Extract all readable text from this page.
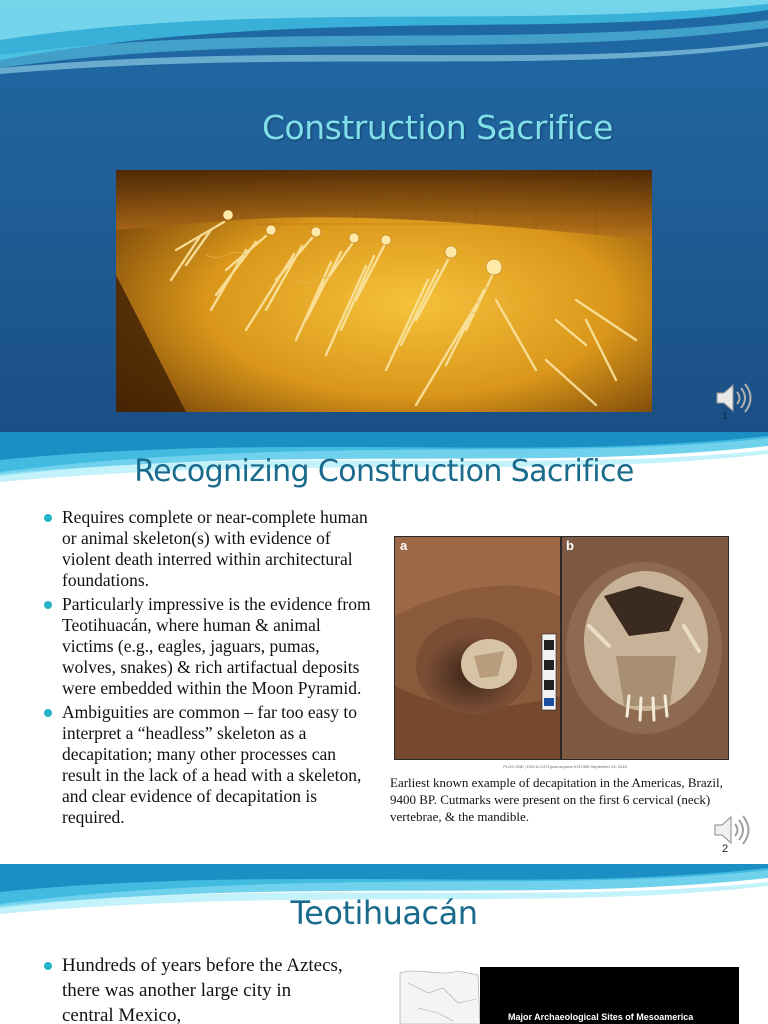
Construction Sacrifice
1
Recognizing Construction Sacrifice
Requires complete or near-complete human or animal skeleton(s) with evidence of violent death interred within architectural foundations.
Particularly impressive is the evidence from Teotihuacán, where human & animal victims (e.g., eagles, jaguars, pumas, wolves, snakes) & rich artifactual deposits were embedded within the Moon Pyramid.
Ambiguities are common – far too easy to interpret a “headless” skeleton as a decapitation; many other processes can result in the lack of a head with a skeleton, and clear evidence of decapitation is required.
a	b
PLOS ONE | DOI:10.1371/journal.pone.0137456 September 23, 2015
Earliest known example of decapitation in the Americas, Brazil, 9400 BP. Cutmarks were present on the first 6 cervical (neck) vertebrae, & the mandible.
2
Teotihuacán
Hundreds of years before the Aztecs, there was another large city in central Mexico,	Major Archaeological Sites of Mesoamerica
